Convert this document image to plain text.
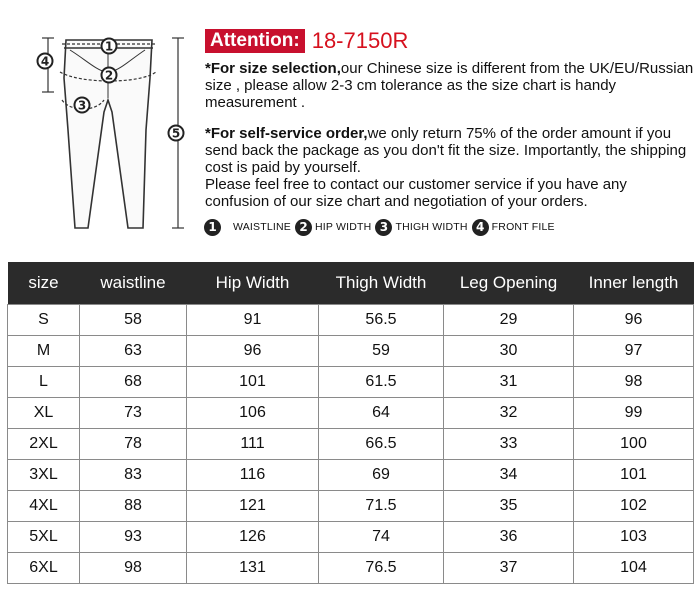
1
2
3
4
5
Attention: 18-7150R

*For size selection,our Chinese size is different from the UK/EU/Russian size , please allow 2-3 cm tolerance as the size chart is handy measurement .

*For self-service order,we only return 75% of the order amount if you send back the package as you don't fit the size. Importantly, the shipping cost is paid by yourself.

Please feel free to contact our customer service if you have any confusion of our size chart and negotiation of your orders.

1	WAISTLINE 2 HIP WIDTH 3 THIGH WIDTH 4 FRONT FILE
size	waistline	Hip Width	Thigh Width	Leg Opening	Inner length
S	58	91	56.5	29	96
M	63	96	59	30	97
L	68	101	61.5	31	98
XL	73	106	64	32	99
2XL	78	111	66.5	33	100
3XL	83	116	69	34	101
4XL	88	121	71.5	35	102
5XL	93	126	74	36	103
6XL	98	131	76.5	37	104
